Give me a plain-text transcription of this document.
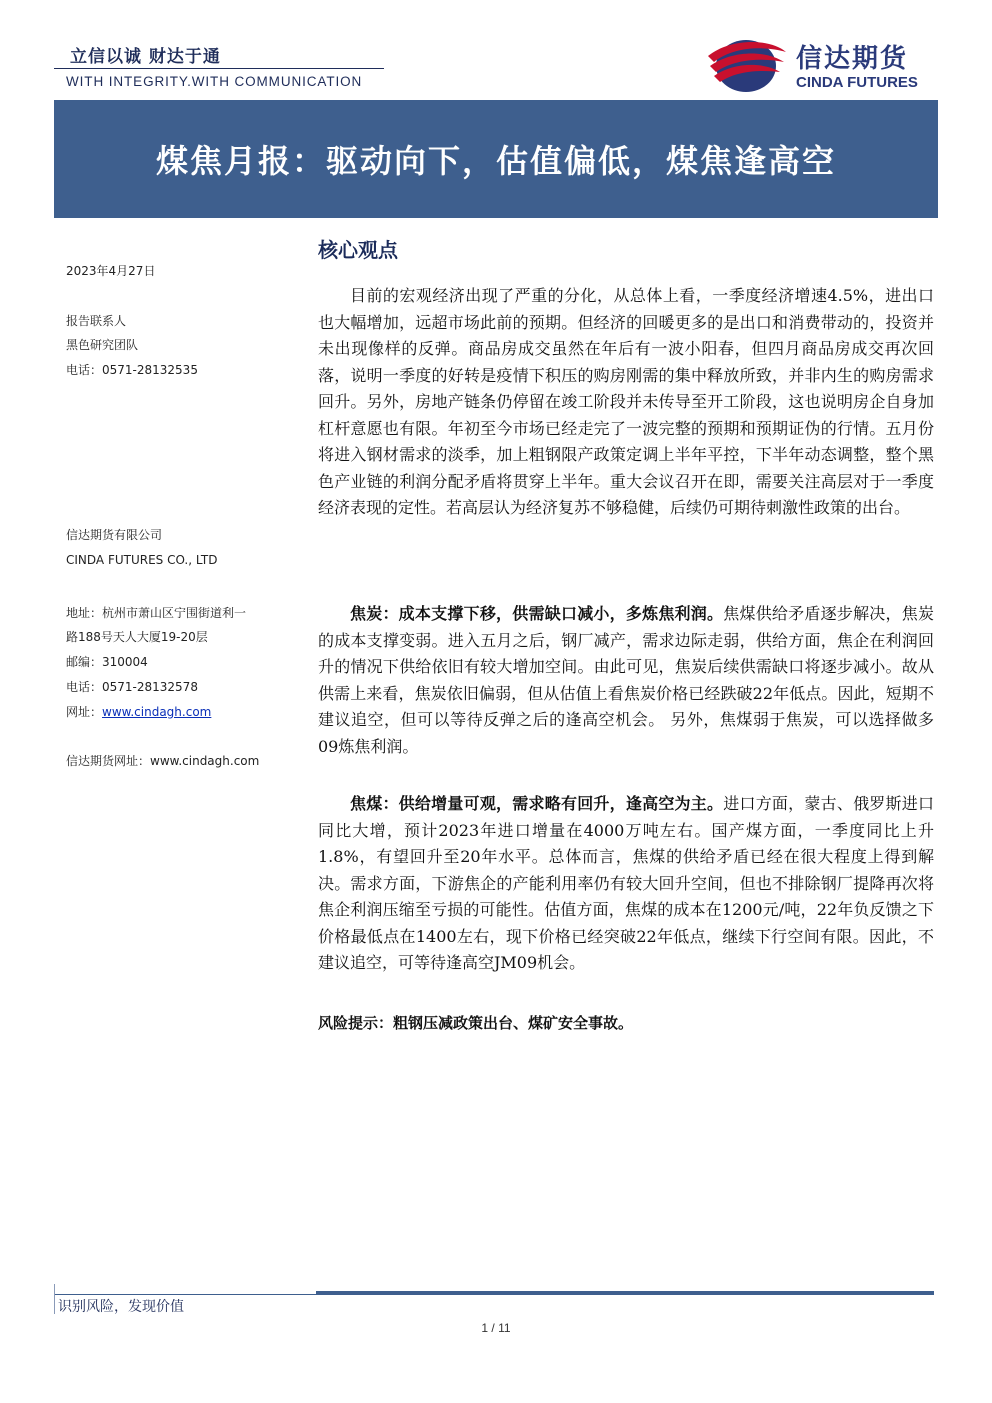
立信以诚 财达于通
WITH INTEGRITY.WITH COMMUNICATION
信达期货
CINDA FUTURES
煤焦月报：驱动向下，估值偏低，煤焦逢高空
2023年4月27日
报告联系人
黑色研究团队
电话：0571-28132535
信达期货有限公司
CINDA FUTURES CO., LTD
地址：杭州市萧山区宁围街道利一
路188号天人大厦19-20层
邮编：310004
电话：0571-28132578
网址：www.cindagh.com
信达期货网址：www.cindagh.com
核心观点
目前的宏观经济出现了严重的分化，从总体上看，一季度经济增速4.5%，进出口也大幅增加，远超市场此前的预期。但经济的回暖更多的是出口和消费带动的，投资并未出现像样的反弹。商品房成交虽然在年后有一波小阳春，但四月商品房成交再次回落，说明一季度的好转是疫情下积压的购房刚需的集中释放所致，并非内生的购房需求回升。另外，房地产链条仍停留在竣工阶段并未传导至开工阶段，这也说明房企自身加杠杆意愿也有限。年初至今市场已经走完了一波完整的预期和预期证伪的行情。五月份将进入钢材需求的淡季，加上粗钢限产政策定调上半年平控，下半年动态调整，整个黑色产业链的利润分配矛盾将贯穿上半年。重大会议召开在即，需要关注高层对于一季度经济表现的定性。若高层认为经济复苏不够稳健，后续仍可期待刺激性政策的出台。
焦炭：成本支撑下移，供需缺口减小，多炼焦利润。焦煤供给矛盾逐步解决，焦炭的成本支撑变弱。进入五月之后，钢厂减产，需求边际走弱，供给方面，焦企在利润回升的情况下供给依旧有较大增加空间。由此可见，焦炭后续供需缺口将逐步减小。故从供需上来看，焦炭依旧偏弱，但从估值上看焦炭价格已经跌破22年低点。因此，短期不建议追空，但可以等待反弹之后的逢高空机会。 另外，焦煤弱于焦炭，可以选择做多09炼焦利润。
焦煤：供给增量可观，需求略有回升，逢高空为主。进口方面，蒙古、俄罗斯进口同比大增，预计2023年进口增量在4000万吨左右。国产煤方面，一季度同比上升1.8%，有望回升至20年水平。总体而言，焦煤的供给矛盾已经在很大程度上得到解决。需求方面，下游焦企的产能利用率仍有较大回升空间，但也不排除钢厂提降再次将焦企利润压缩至亏损的可能性。估值方面，焦煤的成本在1200元/吨，22年负反馈之下价格最低点在1400左右，现下价格已经突破22年低点，继续下行空间有限。因此，不建议追空，可等待逢高空JM09机会。
风险提示：粗钢压减政策出台、煤矿安全事故。
识别风险，发现价值
1 / 11
